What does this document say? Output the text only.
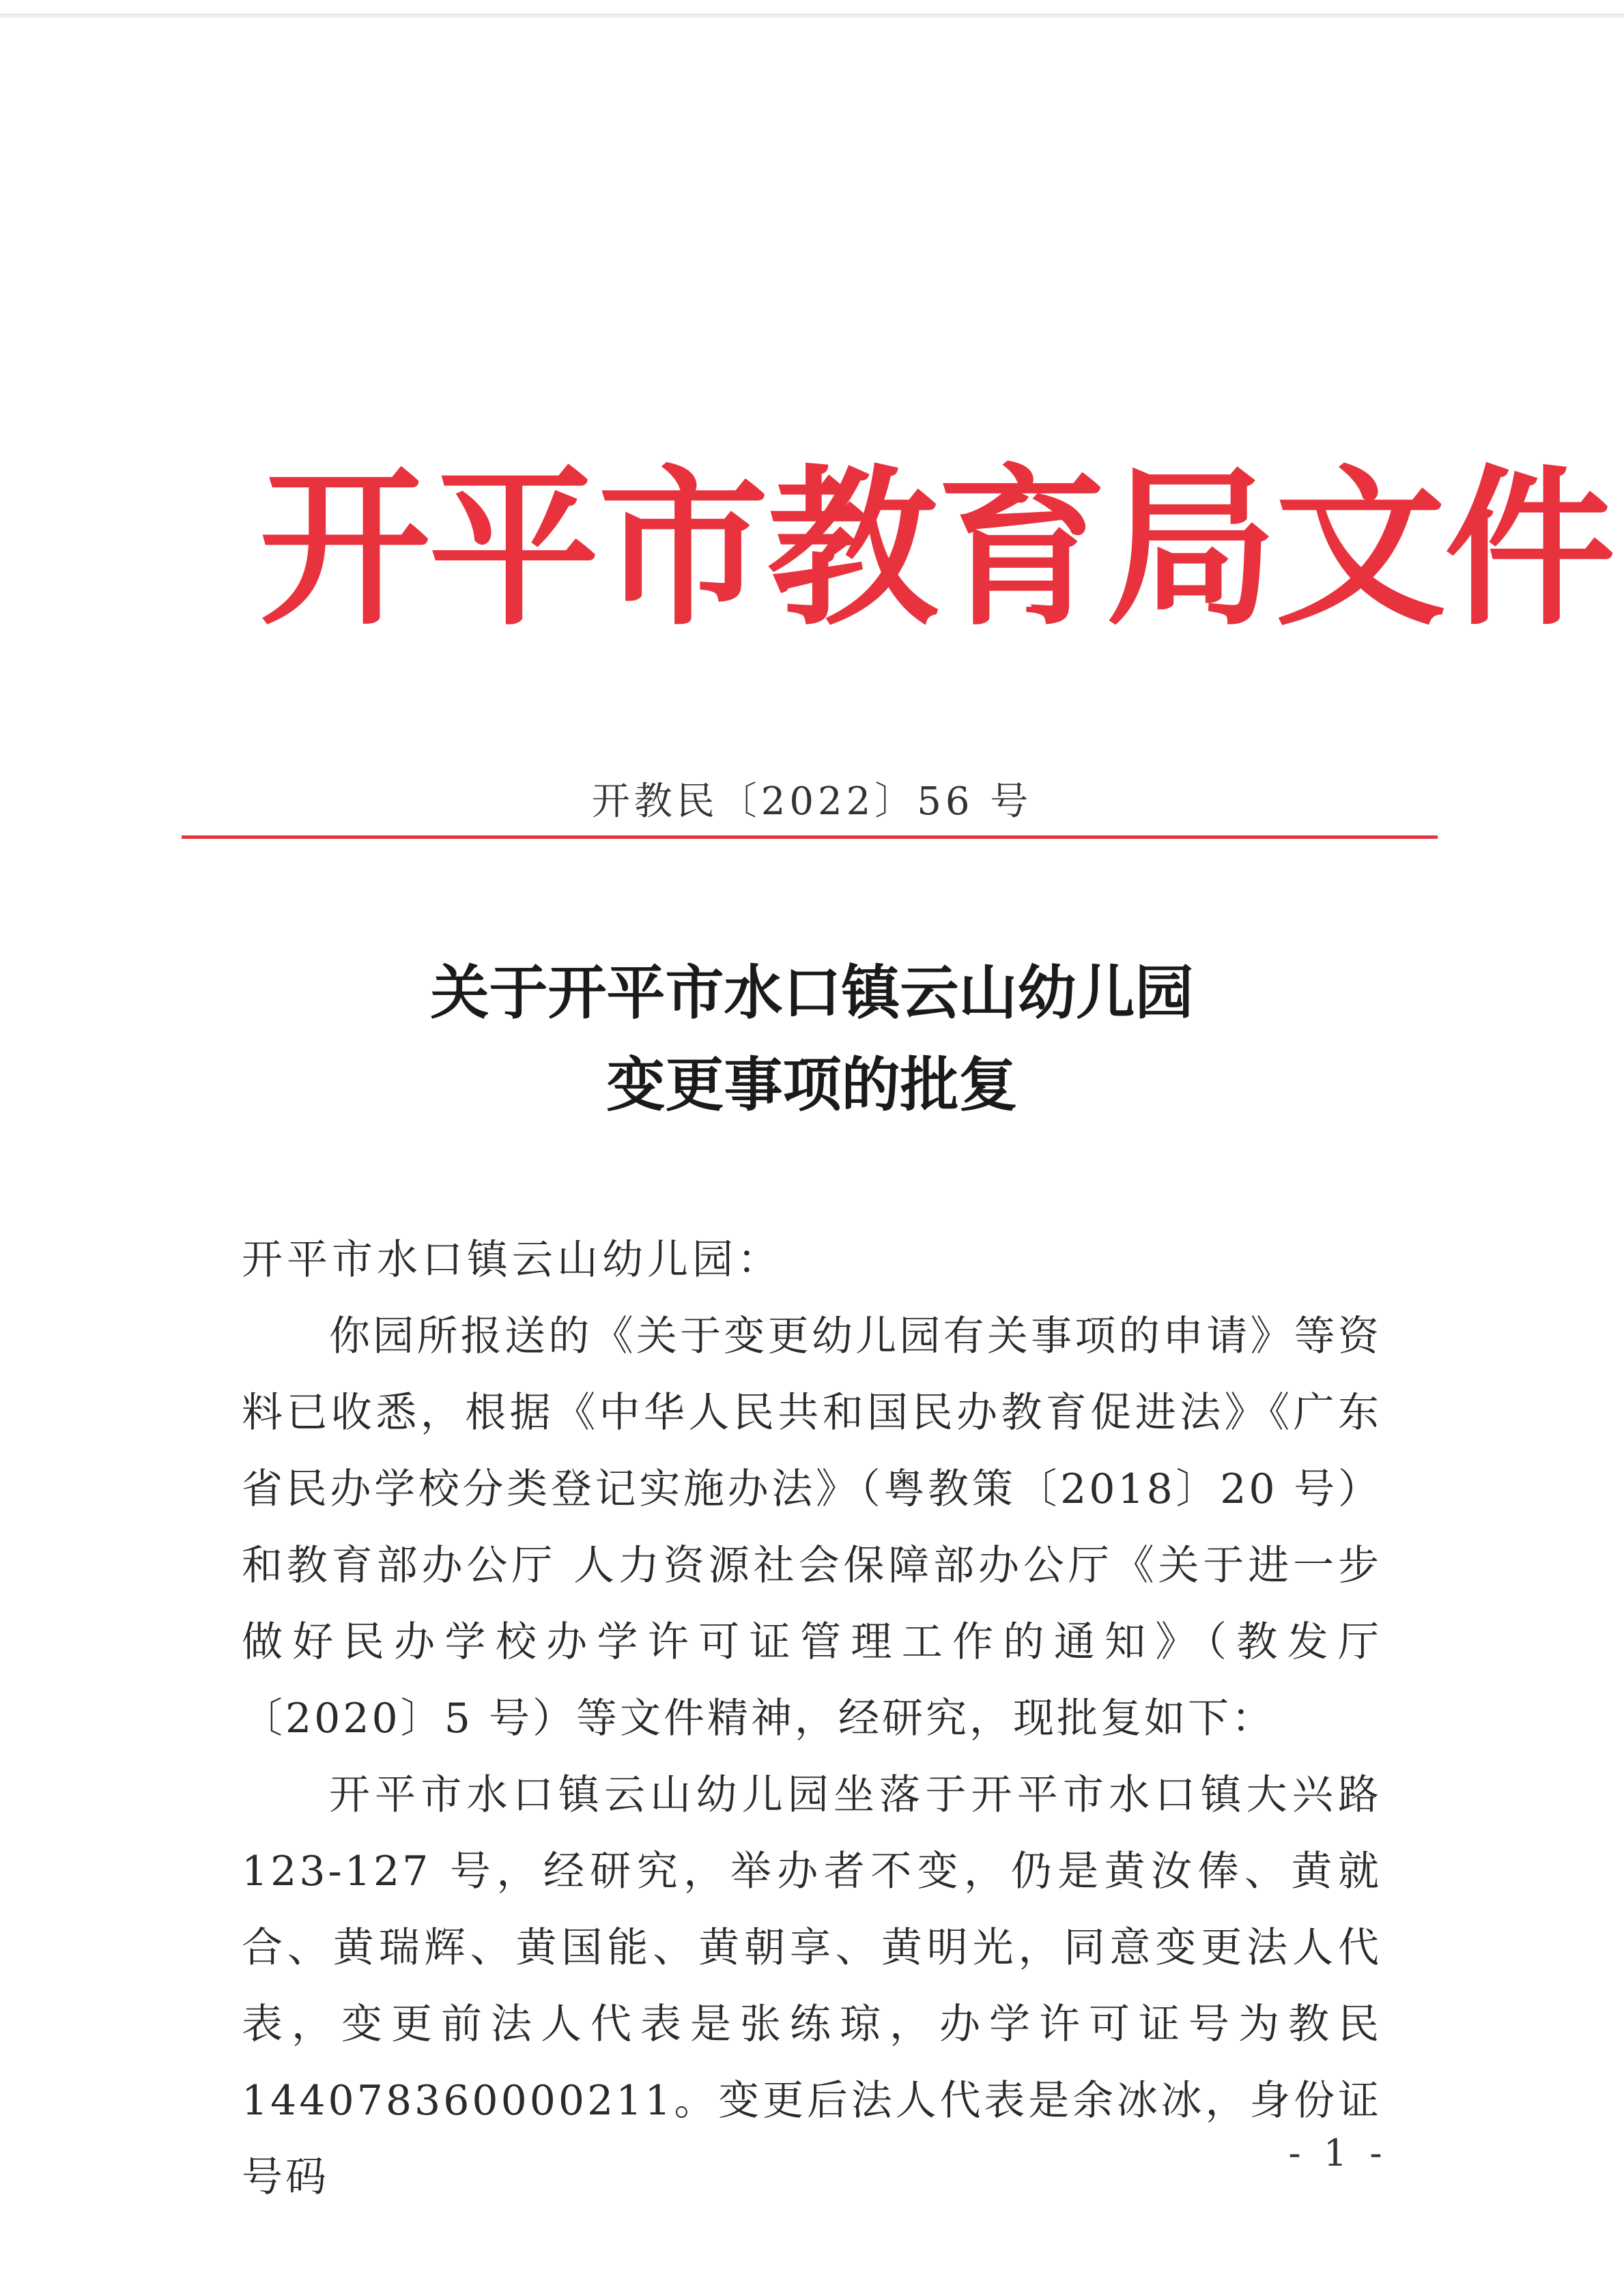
开平市教育局文件
开教民〔2022〕56 号
关于开平市水口镇云山幼儿园
变更事项的批复

开平市水口镇云山幼儿园：

你园所报送的《关于变更幼儿园有关事项的申请》等资料已收悉，根据《中华人民共和国民办教育促进法》《广东省民办学校分类登记实施办法》（粤教策〔2018〕20 号）和教育部办公厅 人力资源社会保障部办公厅《关于进一步做好民办学校办学许可证管理工作的通知》（教发厅〔2020〕5 号）等文件精神，经研究，现批复如下：

开平市水口镇云山幼儿园坐落于开平市水口镇大兴路 123-127 号，经研究，举办者不变，仍是黄汝俸、黄就合、黄瑞辉、黄国能、黄朝享、黄明光，同意变更法人代表，变更前法人代表是张练琼，办学许可证号为教民 144078360000211。变更后法人代表是余冰冰，身份证号码

- 1 -
